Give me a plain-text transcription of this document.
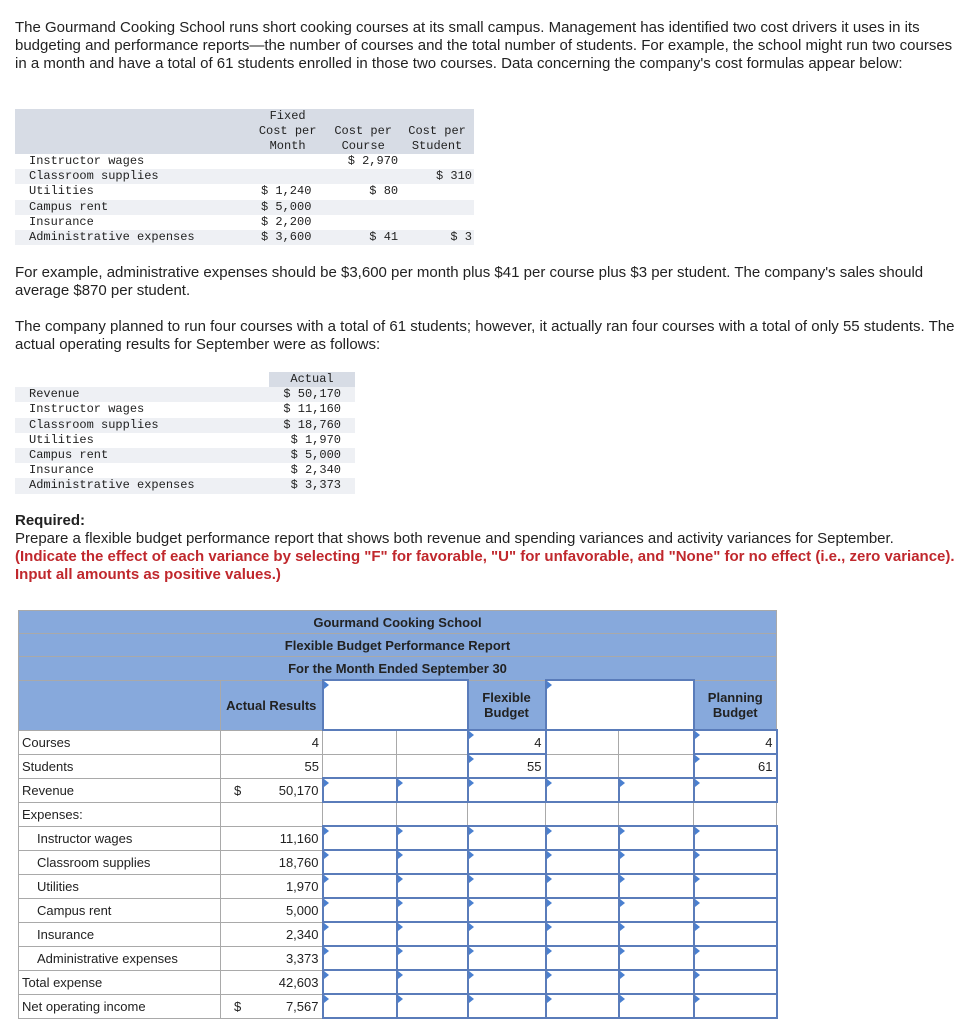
The Gourmand Cooking School runs short cooking courses at its small campus. Management has identified two cost drivers it uses in its budgeting and performance reports—the number of courses and the total number of students. For example, the school might run two courses in a month and have a total of 61 students enrolled in those two courses. Data concerning the company's cost formulas appear below:

	Fixed
Cost per
Month	Cost per
Course	Cost per
Student
Instructor wages		$ 2,970	
Classroom supplies			$ 310
Utilities	$ 1,240	$ 80	
Campus rent	$ 5,000		
Insurance	$ 2,200		
Administrative expenses	$ 3,600	$ 41	$ 3

For example, administrative expenses should be $3,600 per month plus $41 per course plus $3 per student. The company's sales should average $870 per student.

The company planned to run four courses with a total of 61 students; however, it actually ran four courses with a total of only 55 students. The actual operating results for September were as follows:

	Actual
Revenue	$ 50,170
Instructor wages	$ 11,160
Classroom supplies	$ 18,760
Utilities	$ 1,970
Campus rent	$ 5,000
Insurance	$ 2,340
Administrative expenses	$ 3,373

Required:

Prepare a flexible budget performance report that shows both revenue and spending variances and activity variances for September.

(Indicate the effect of each variance by selecting "F" for favorable, "U" for unfavorable, and "None" for no effect (i.e., zero variance). Input all amounts as positive values.)

Gourmand Cooking School							
Flexible Budget Performance Report							
For the Month Ended September 30							
	Actual Results			Flexible Budget			Planning Budget
Courses	4			4			4
Students	55			55			61
Revenue	$ 50,170						
Expenses:	

Instructor wages	11,160						
Classroom supplies	18,760						
Utilities	1,970						
Campus rent	5,000						
Insurance	2,340						
Administrative expenses	3,373						
Total expense	42,603						
Net operating income	$ 7,567						
